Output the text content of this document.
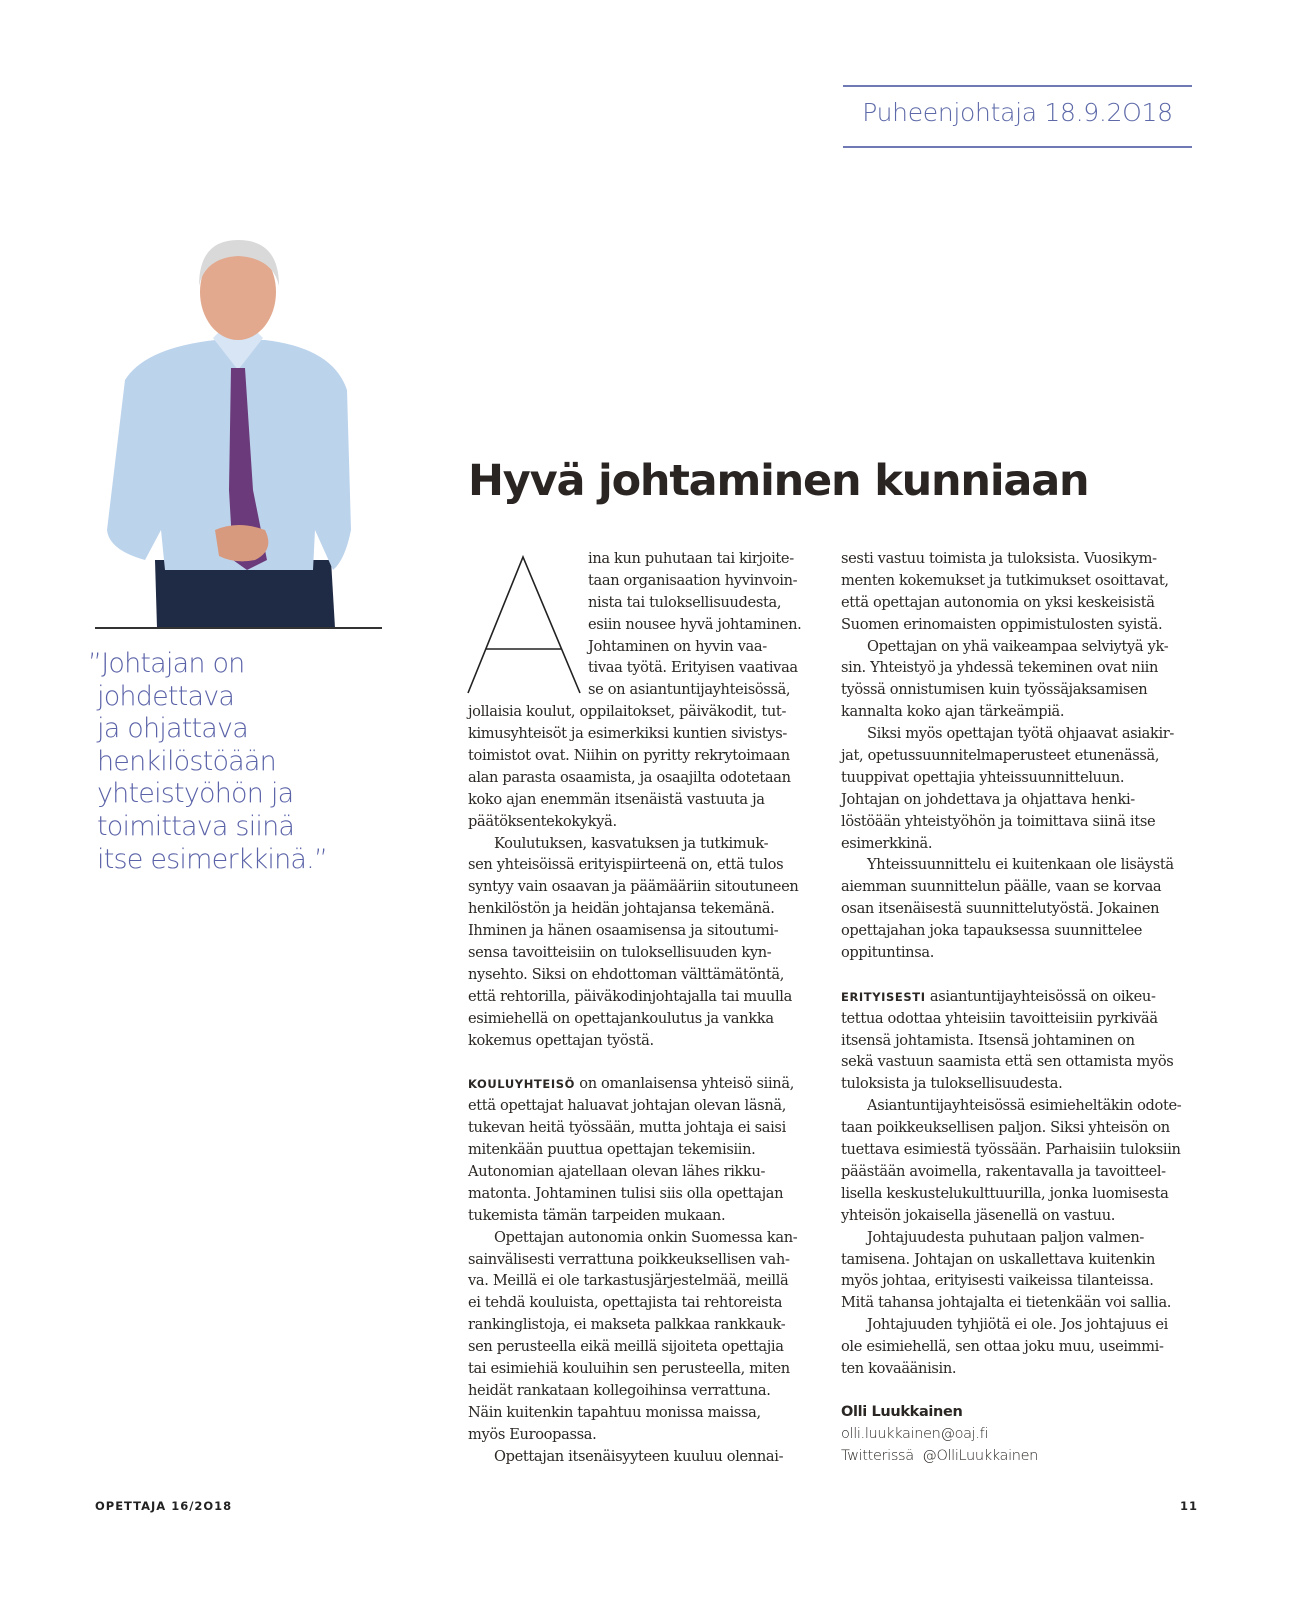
Puheenjohtaja 18.9.2O18
”Johtajan on
johdettava
ja ohjattava
henkilöstöään
yhteistyöhön ja
toimittava siinä
itse esimerkkinä.”
Hyvä johtaminen kunniaan
ina kun puhutaan tai kirjoite-
taan organisaation hyvinvoin-
nista tai tuloksellisuudesta,
esiin nousee hyvä johtaminen.
Johtaminen on hyvin vaa-
tivaa työtä. Erityisen vaativaa
se on asiantuntijayhteisössä,
jollaisia koulut, oppilaitokset, päiväkodit, tut-
kimusyhteisöt ja esimerkiksi kuntien sivistys-
toimistot ovat. Niihin on pyritty rekrytoimaan
alan parasta osaamista, ja osaajilta odotetaan
koko ajan enemmän itsenäistä vastuuta ja
päätöksentekokykyä.
Koulutuksen, kasvatuksen ja tutkimuk-
sen yhteisöissä erityispiirteenä on, että tulos
syntyy vain osaavan ja päämääriin sitoutuneen
henkilöstön ja heidän johtajansa tekemänä.
Ihminen ja hänen osaamisensa ja sitoutumi-
sensa tavoitteisiin on tuloksellisuuden kyn-
nysehto. Siksi on ehdottoman välttämätöntä,
että rehtorilla, päiväkodinjohtajalla tai muulla
esimiehellä on opettajankoulutus ja vankka
kokemus opettajan työstä.
KOULUYHTEISÖ on omanlaisensa yhteisö siinä,
että opettajat haluavat johtajan olevan läsnä,
tukevan heitä työssään, mutta johtaja ei saisi
mitenkään puuttua opettajan tekemisiin.
Autonomian ajatellaan olevan lähes rikku-
matonta. Johtaminen tulisi siis olla opettajan
tukemista tämän tarpeiden mukaan.
Opettajan autonomia onkin Suomessa kan-
sainvälisesti verrattuna poikkeuksellisen vah-
va. Meillä ei ole tarkastusjärjestelmää, meillä
ei tehdä kouluista, opettajista tai rehtoreista
rankinglistoja, ei makseta palkkaa rankkauk-
sen perusteella eikä meillä sijoiteta opettajia
tai esimiehiä kouluihin sen perusteella, miten
heidät rankataan kollegoihinsa verrattuna.
Näin kuitenkin tapahtuu monissa maissa,
myös Euroopassa.
Opettajan itsenäisyyteen kuuluu olennai-
sesti vastuu toimista ja tuloksista. Vuosikym-
menten kokemukset ja tutkimukset osoittavat,
että opettajan autonomia on yksi keskeisistä
Suomen erinomaisten oppimistulosten syistä.
Opettajan on yhä vaikeampaa selviytyä yk-
sin. Yhteistyö ja yhdessä tekeminen ovat niin
työssä onnistumisen kuin työssäjaksamisen
kannalta koko ajan tärkeämpiä.
Siksi myös opettajan työtä ohjaavat asiakir-
jat, opetussuunnitelmaperusteet etunenässä,
tuuppivat opettajia yhteissuunnitteluun.
Johtajan on johdettava ja ohjattava henki-
löstöään yhteistyöhön ja toimittava siinä itse
esimerkkinä.
Yhteissuunnittelu ei kuitenkaan ole lisäystä
aiemman suunnittelun päälle, vaan se korvaa
osan itsenäisestä suunnittelutyöstä. Jokainen
opettajahan joka tapauksessa suunnittelee
oppituntinsa.
ERITYISESTI asiantuntijayhteisössä on oikeu-
tettua odottaa yhteisiin tavoitteisiin pyrkivää
itsensä johtamista. Itsensä johtaminen on
sekä vastuun saamista että sen ottamista myös
tuloksista ja tuloksellisuudesta.
Asiantuntijayhteisössä esimieheltäkin odote-
taan poikkeuksellisen paljon. Siksi yhteisön on
tuettava esimiestä työssään. Parhaisiin tuloksiin
päästään avoimella, rakentavalla ja tavoitteel-
lisella keskustelukulttuurilla, jonka luomisesta
yhteisön jokaisella jäsenellä on vastuu.
Johtajuudesta puhutaan paljon valmen-
tamisena. Johtajan on uskallettava kuitenkin
myös johtaa, erityisesti vaikeissa tilanteissa.
Mitä tahansa johtajalta ei tietenkään voi sallia.
Johtajuuden tyhjiötä ei ole. Jos johtajuus ei
ole esimiehellä, sen ottaa joku muu, useimmi-
ten kovaäänisin.
Olli Luukkainen
olli.luukkainen@oaj.fi
Twitterissä  @OlliLuukkainen
OPETTAJA 16/2O18	11
